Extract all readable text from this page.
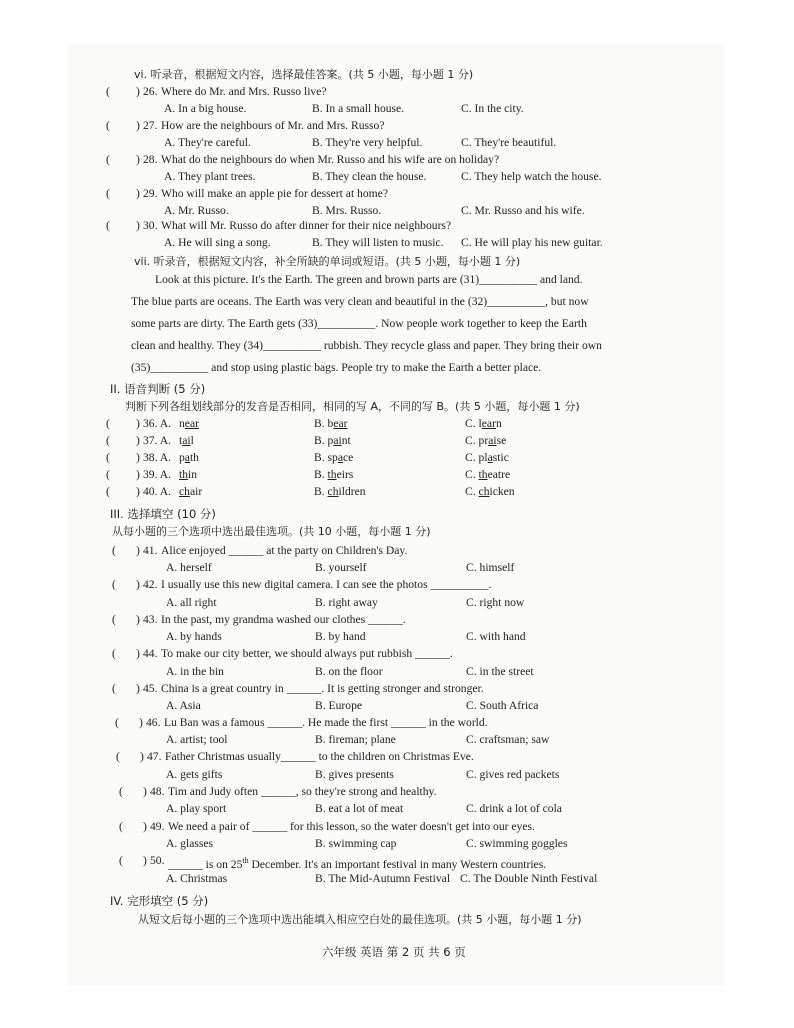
vi. 听录音，根据短文内容，选择最佳答案。(共 5 小题，每小题 1 分)
( ) 26. Where do Mr. and Mrs. Russo live?
A. In a big house.	B. In a small house.	C. In the city.
( ) 27. How are the neighbours of Mr. and Mrs. Russo?
A. They're careful.	B. They're very helpful.	C. They're beautiful.
( ) 28. What do the neighbours do when Mr. Russo and his wife are on holiday?
A. They plant trees.	B. They clean the house.	C. They help watch the house.
( ) 29. Who will make an apple pie for dessert at home?
A. Mr. Russo.	B. Mrs. Russo.	C. Mr. Russo and his wife.
( ) 30. What will Mr. Russo do after dinner for their nice neighbours?
A. He will sing a song.	B. They will listen to music. C. He will play his new guitar.
vii. 听录音，根据短文内容，补全所缺的单词或短语。(共 5 小题，每小题 1 分)
Look at this picture. It's the Earth. The green and brown parts are (31)__________ and land.
The blue parts are oceans. The Earth was very clean and beautiful in the (32)__________, but now
some parts are dirty. The Earth gets (33)__________. Now people work together to keep the Earth
clean and healthy. They (34)__________ rubbish. They recycle glass and paper. They bring their own
(35)__________ and stop using plastic bags. People try to make the Earth a better place.
II. 语音判断 (5 分)
判断下列各组划线部分的发音是否相同，相同的写 A，不同的写 B。(共 5 小题，每小题 1 分)
( ) 36. A. near	B. bear	C. learn
( ) 37. A. tail	B. paint	C. praise
( ) 38. A. path	B. space	C. plastic
( ) 39. A. thin	B. theirs	C. theatre
( ) 40. A. chair	B. children	C. chicken
III. 选择填空 (10 分)
从每小题的三个选项中选出最佳选项。(共 10 小题，每小题 1 分)
( ) 41. Alice enjoyed ______ at the party on Children's Day.
A. herself	B. yourself	C. himself
( ) 42. I usually use this new digital camera. I can see the photos __________.
A. all right	B. right away	C. right now
( ) 43. In the past, my grandma washed our clothes ______.
A. by hands	B. by hand	C. with hand
( ) 44. To make our city better, we should always put rubbish ______.
A. in the bin	B. on the floor	C. in the street
( ) 45. China is a great country in ______. It is getting stronger and stronger.
A. Asia	B. Europe	C. South Africa
( ) 46. Lu Ban was a famous ______. He made the first ______ in the world.
A. artist; tool	B. fireman; plane	C. craftsman; saw
( ) 47. Father Christmas usually______ to the children on Christmas Eve.
A. gets gifts	B. gives presents	C. gives red packets
( ) 48. Tim and Judy often ______, so they're strong and healthy.
A. play sport	B. eat a lot of meat	C. drink a lot of cola
( ) 49. We need a pair of ______ for this lesson, so the water doesn't get into our eyes.
A. glasses	B. swimming cap	C. swimming goggles
( ) 50. ______ is on 25th December. It's an important festival in many Western countries.
A. Christmas	B. The Mid-Autumn Festival C. The Double Ninth Festival
IV. 完形填空 (5 分)
从短文后每小题的三个选项中选出能填入相应空白处的最佳选项。(共 5 小题，每小题 1 分)
六年级 英语 第 2 页 共 6 页
